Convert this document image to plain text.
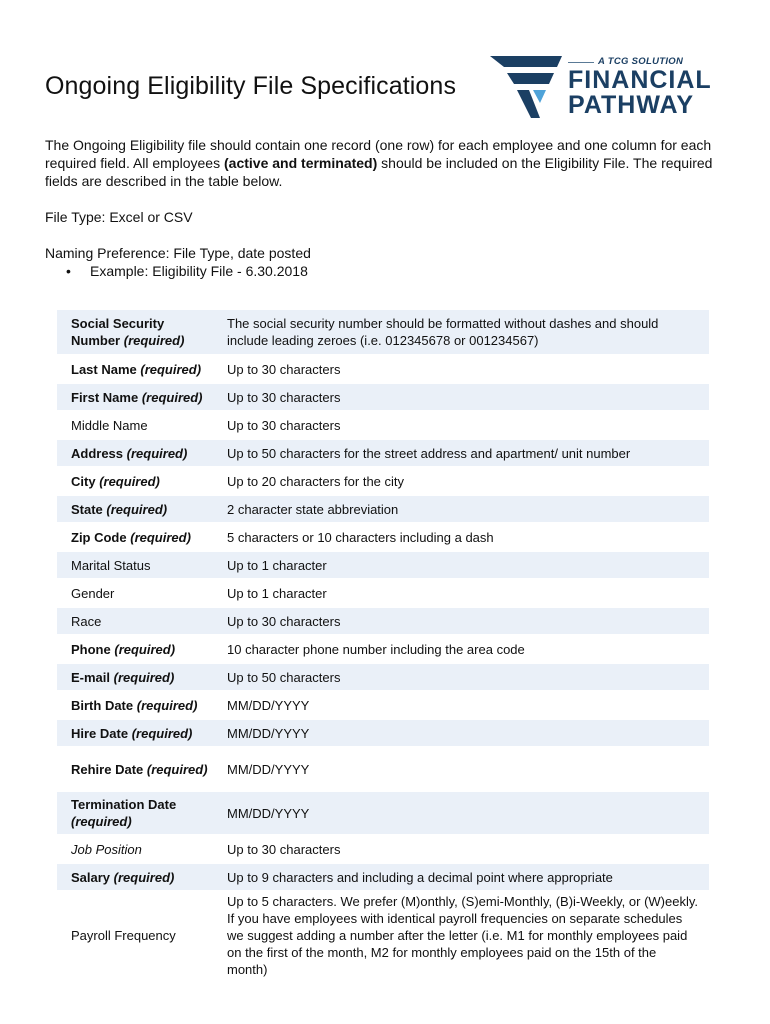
Ongoing Eligibility File Specifications
A TCG SOLUTION
FINANCIAL
PATHWAY

The Ongoing Eligibility file should contain one record (one row) for each employee and one column for each required field. All employees (active and terminated) should be included on the Eligibility File. The required fields are described in the table below.

File Type: Excel or CSV

Naming Preference: File Type, date posted

• Example: Eligibility File - 6.30.2018

Social Security Number (required)	The social security number should be formatted without dashes and should include leading zeroes (i.e. 012345678 or 001234567)
Last Name (required)	Up to 30 characters
First Name (required)	Up to 30 characters
Middle Name	Up to 30 characters
Address (required)	Up to 50 characters for the street address and apartment/ unit number
City (required)	Up to 20 characters for the city
State (required)	2 character state abbreviation
Zip Code (required)	5 characters or 10 characters including a dash
Marital Status	Up to 1 character
Gender	Up to 1 character
Race	Up to 30 characters
Phone (required)	10 character phone number including the area code
E-mail (required)	Up to 50 characters
Birth Date (required)	MM/DD/YYYY
Hire Date (required)	MM/DD/YYYY
Rehire Date (required)	MM/DD/YYYY
Termination Date (required)	MM/DD/YYYY
Job Position	Up to 30 characters
Salary (required)	Up to 9 characters and including a decimal point where appropriate
Payroll Frequency	Up to 5 characters. We prefer (M)onthly, (S)emi-Monthly, (B)i-Weekly, or (W)eekly. If you have employees with identical payroll frequencies on separate schedules we suggest adding a number after the letter (i.e. M1 for monthly employees paid on the first of the month, M2 for monthly employees paid on the 15th of the month)
